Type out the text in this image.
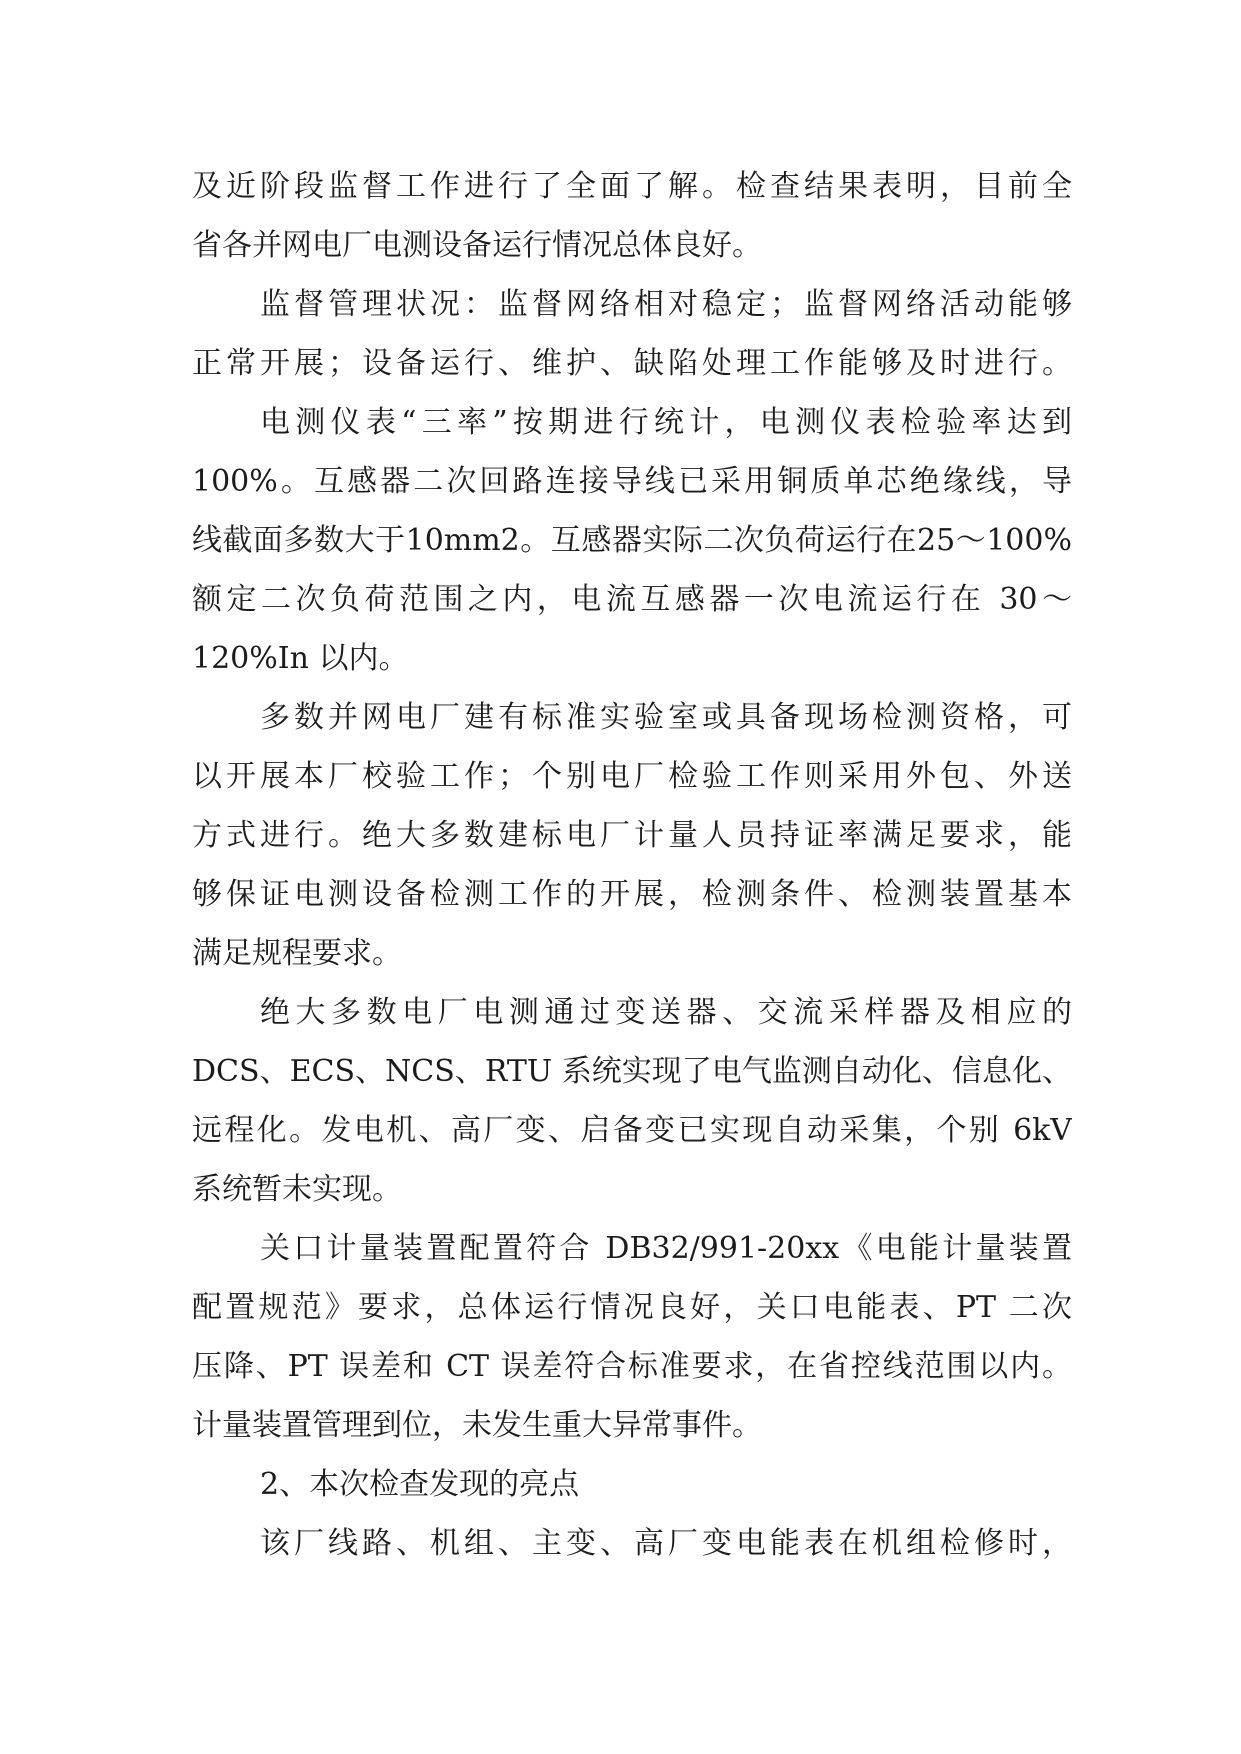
及近阶段监督工作进行了全面了解。检查结果表明，目前全
省各并网电厂电测设备运行情况总体良好。
监督管理状况：监督网络相对稳定；监督网络活动能够
正常开展；设备运行、维护、缺陷处理工作能够及时进行。
电测仪表“三率”按期进行统计，电测仪表检验率达到
100%。互感器二次回路连接导线已采用铜质单芯绝缘线，导
线截面多数大于10mm2。互感器实际二次负荷运行在25～100%
额定二次负荷范围之内，电流互感器一次电流运行在 30～
120%In 以内。
多数并网电厂建有标准实验室或具备现场检测资格，可
以开展本厂校验工作；个别电厂检验工作则采用外包、外送
方式进行。绝大多数建标电厂计量人员持证率满足要求，能
够保证电测设备检测工作的开展，检测条件、检测装置基本
满足规程要求。
绝大多数电厂电测通过变送器、交流采样器及相应的
DCS、ECS、NCS、RTU 系统实现了电气监测自动化、信息化、
远程化。发电机、高厂变、启备变已实现自动采集，个别 6kV
系统暂未实现。
关口计量装置配置符合 DB32/991-20xx《电能计量装置
配置规范》要求，总体运行情况良好，关口电能表、PT 二次
压降、PT 误差和 CT 误差符合标准要求，在省控线范围以内。
计量装置管理到位，未发生重大异常事件。
2、本次检查发现的亮点
该厂线路、机组、主变、高厂变电能表在机组检修时，
